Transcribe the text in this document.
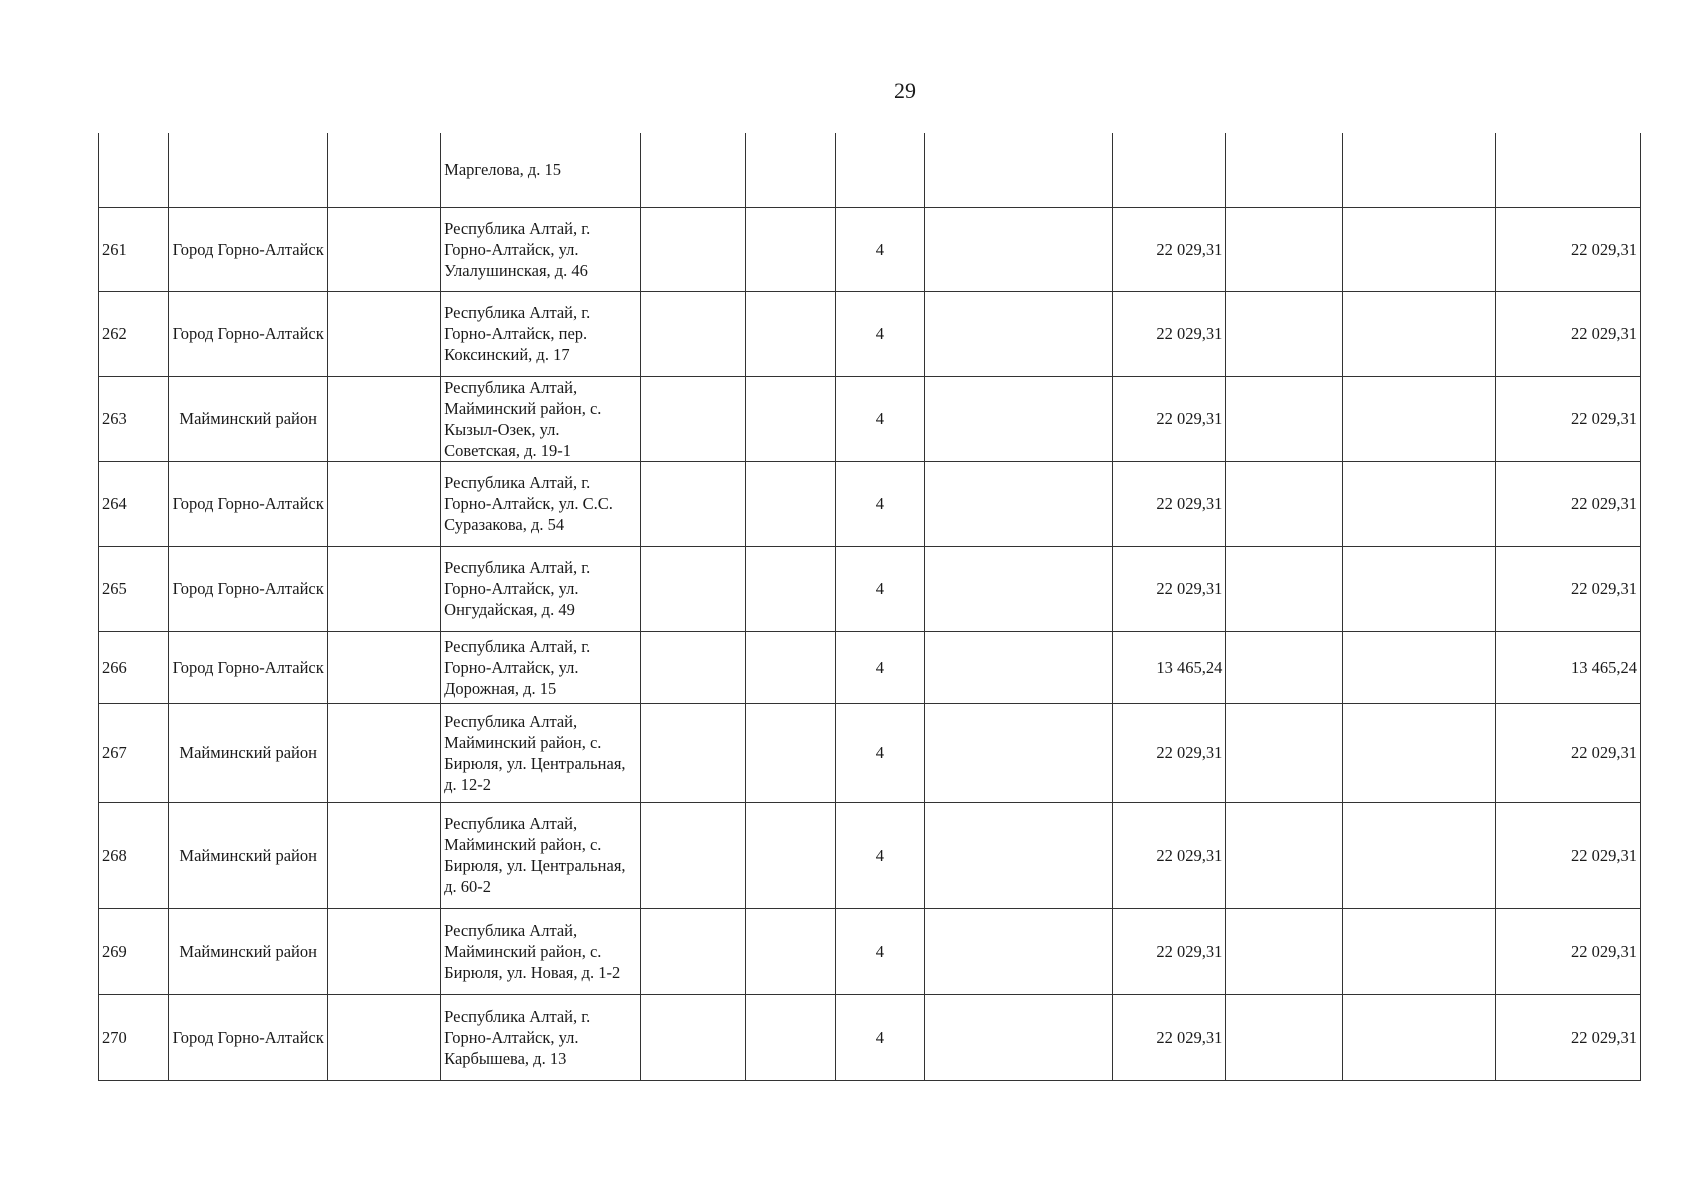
29
			Маргелова, д. 15								
261	Город Горно-Алтайск		Республика Алтай, г. Горно-Алтайск, ул. Улалушинская, д. 46			4		22 029,31			22 029,31
262	Город Горно-Алтайск		Республика Алтай, г. Горно-Алтайск, пер. Коксинский, д. 17			4		22 029,31			22 029,31
263	Майминский район		Республика Алтай, Майминский район, с. Кызыл-Озек, ул. Советская, д. 19-1			4		22 029,31			22 029,31
264	Город Горно-Алтайск		Республика Алтай, г. Горно-Алтайск, ул. С.С. Суразакова, д. 54			4		22 029,31			22 029,31
265	Город Горно-Алтайск		Республика Алтай, г. Горно-Алтайск, ул. Онгудайская, д. 49			4		22 029,31			22 029,31
266	Город Горно-Алтайск		Республика Алтай, г. Горно-Алтайск, ул. Дорожная, д. 15			4		13 465,24			13 465,24
267	Майминский район		Республика Алтай, Майминский район, с. Бирюля, ул. Центральная, д. 12-2			4		22 029,31			22 029,31
268	Майминский район		Республика Алтай, Майминский район, с. Бирюля, ул. Центральная, д. 60-2			4		22 029,31			22 029,31
269	Майминский район		Республика Алтай, Майминский район, с. Бирюля, ул. Новая, д. 1-2			4		22 029,31			22 029,31
270	Город Горно-Алтайск		Республика Алтай, г. Горно-Алтайск, ул. Карбышева, д. 13			4		22 029,31			22 029,31
